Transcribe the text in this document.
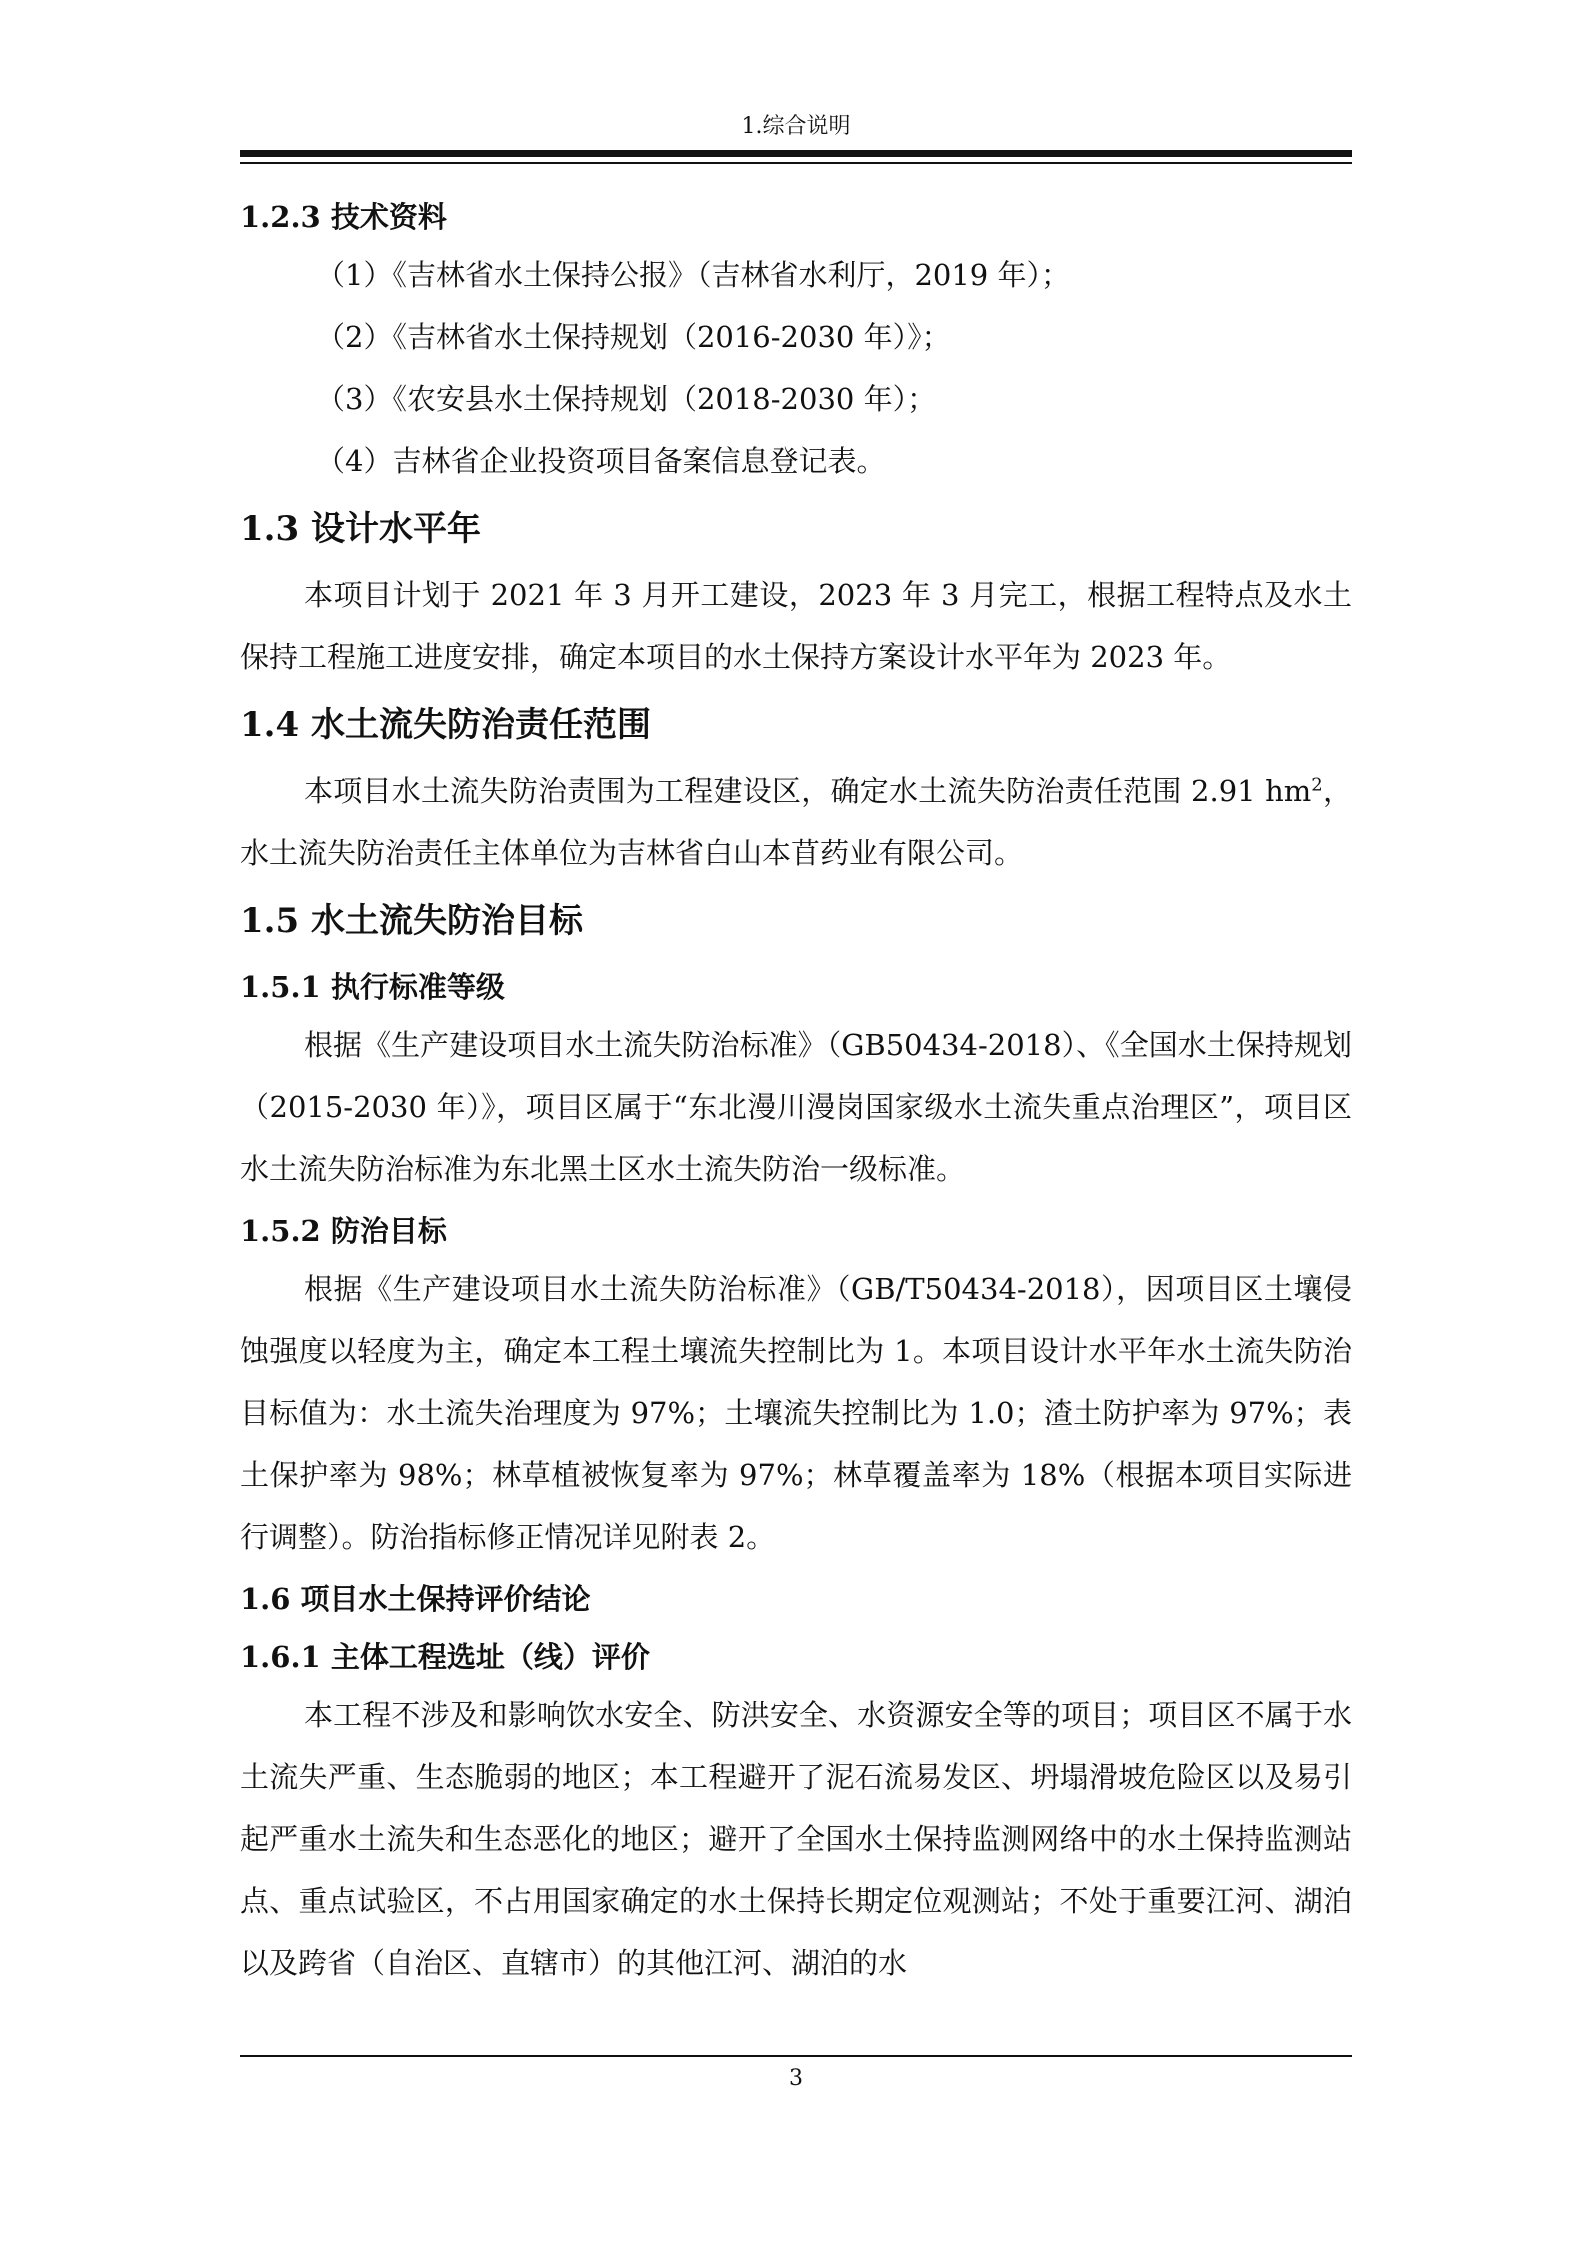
1.综合说明
1.2.3 技术资料
（1）《吉林省水土保持公报》（吉林省水利厅，2019 年）；
（2）《吉林省水土保持规划（2016-2030 年）》；
（3）《农安县水土保持规划（2018-2030 年）；
（4）吉林省企业投资项目备案信息登记表。
1.3 设计水平年

本项目计划于 2021 年 3 月开工建设，2023 年 3 月完工，根据工程特点及水土保持工程施工进度安排，确定本项目的水土保持方案设计水平年为 2023 年。

1.4 水土流失防治责任范围

本项目水土流失防治责围为工程建设区，确定水土流失防治责任范围 2.91 $hm^2$，水土流失防治责任主体单位为吉林省白山本苜药业有限公司。

1.5 水土流失防治目标
1.5.1 执行标准等级

根据《生产建设项目水土流失防治标准》（GB50434-2018）、《全国水土保持规划（2015-2030 年）》，项目区属于“东北漫川漫岗国家级水土流失重点治理区”，项目区水土流失防治标准为东北黑土区水土流失防治一级标准。

1.5.2 防治目标

根据《生产建设项目水土流失防治标准》（GB/T50434-2018），因项目区土壤侵蚀强度以轻度为主，确定本工程土壤流失控制比为 1。本项目设计水平年水土流失防治目标值为：水土流失治理度为 97%；土壤流失控制比为 1.0；渣土防护率为 97%；表土保护率为 98%；林草植被恢复率为 97%；林草覆盖率为 18%（根据本项目实际进行调整）。防治指标修正情况详见附表 2。

1.6 项目水土保持评价结论
1.6.1 主体工程选址（线）评价

本工程不涉及和影响饮水安全、防洪安全、水资源安全等的项目；项目区不属于水土流失严重、生态脆弱的地区；本工程避开了泥石流易发区、坍塌滑坡危险区以及易引起严重水土流失和生态恶化的地区；避开了全国水土保持监测网络中的水土保持监测站点、重点试验区，不占用国家确定的水土保持长期定位观测站；不处于重要江河、湖泊以及跨省（自治区、直辖市）的其他江河、湖泊的水

3
